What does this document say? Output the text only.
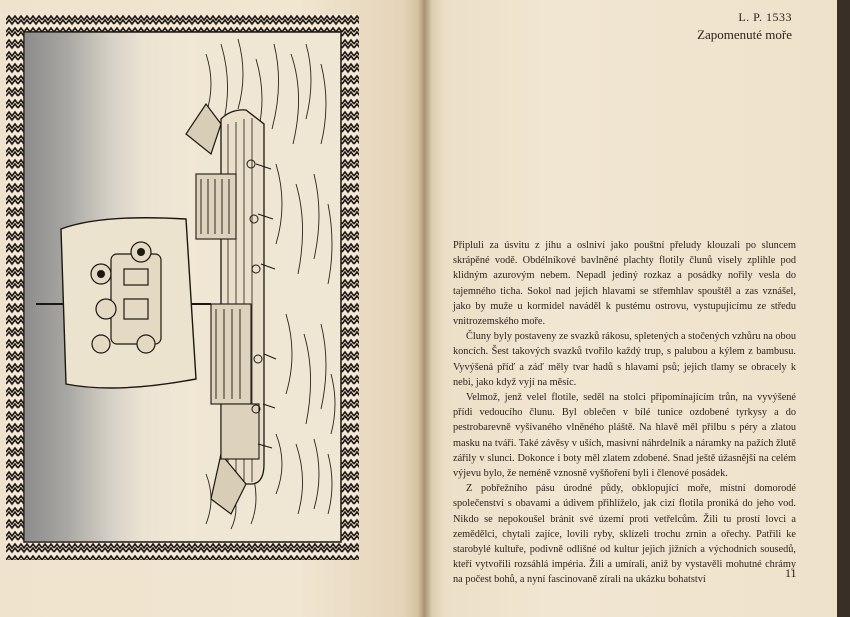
L. P. 1533
Zapomenuté moře

Připluli za úsvitu z jihu a oslniví jako pouštní přeludy klouzali po sluncem skrápěné vodě. Obdélníkové bavlněné plachty flotily člunů visely zplihle pod klidným azurovým nebem. Nepadl jediný rozkaz a posádky nořily vesla do tajemného ticha. Sokol nad jejich hlavami se střemhlav spouštěl a zas vznášel, jako by muže u kormidel naváděl k pustému ostrovu, vystupujícímu ze středu vnitrozemského moře.

Čluny byly postaveny ze svazků rákosu, spletených a stočených vzhůru na obou koncích. Šest takových svazků tvořilo každý trup, s palubou a kýlem z bambusu. Vyvýšená příď a záď měly tvar hadů s hlavami psů; jejich tlamy se obracely k nebi, jako když vyjí na měsíc.

Velmož, jenž velel flotile, seděl na stolci připomínajícím trůn, na vyvýšené přídi vedoucího člunu. Byl oblečen v bílé tunice ozdobené tyrkysy a do pestrobarevně vyšívaného vlněného pláště. Na hlavě měl přilbu s péry a zlatou masku na tváři. Také závěsy v uších, masivní náhrdelník a náramky na pažích žlutě zářily v slunci. Dokonce i boty měl zlatem zdobené. Snad ještě úžasnější na celém výjevu bylo, že neméně vznosně vyšňoření byli i členové posádek.

Z pobřežního pásu úrodné půdy, obklopující moře, místní domorodé společenství s obavami a údivem přihlíželo, jak cizí flotila proniká do jeho vod. Nikdo se nepokoušel bránit své území proti vetřelcům. Žili tu prostí lovci a zemědělci, chytali zajíce, lovili ryby, sklízeli trochu zrnin a ořechy. Patřili ke starobylé kultuře, podivně odlišné od kultur jejich jižních a východních sousedů, kteří vytvořili rozsáhlá impéria. Žili a umírali, aniž by vystavěli mohutné chrámy na počest bohů, a nyní fascinovaně zírali na ukázku bohatství	11
